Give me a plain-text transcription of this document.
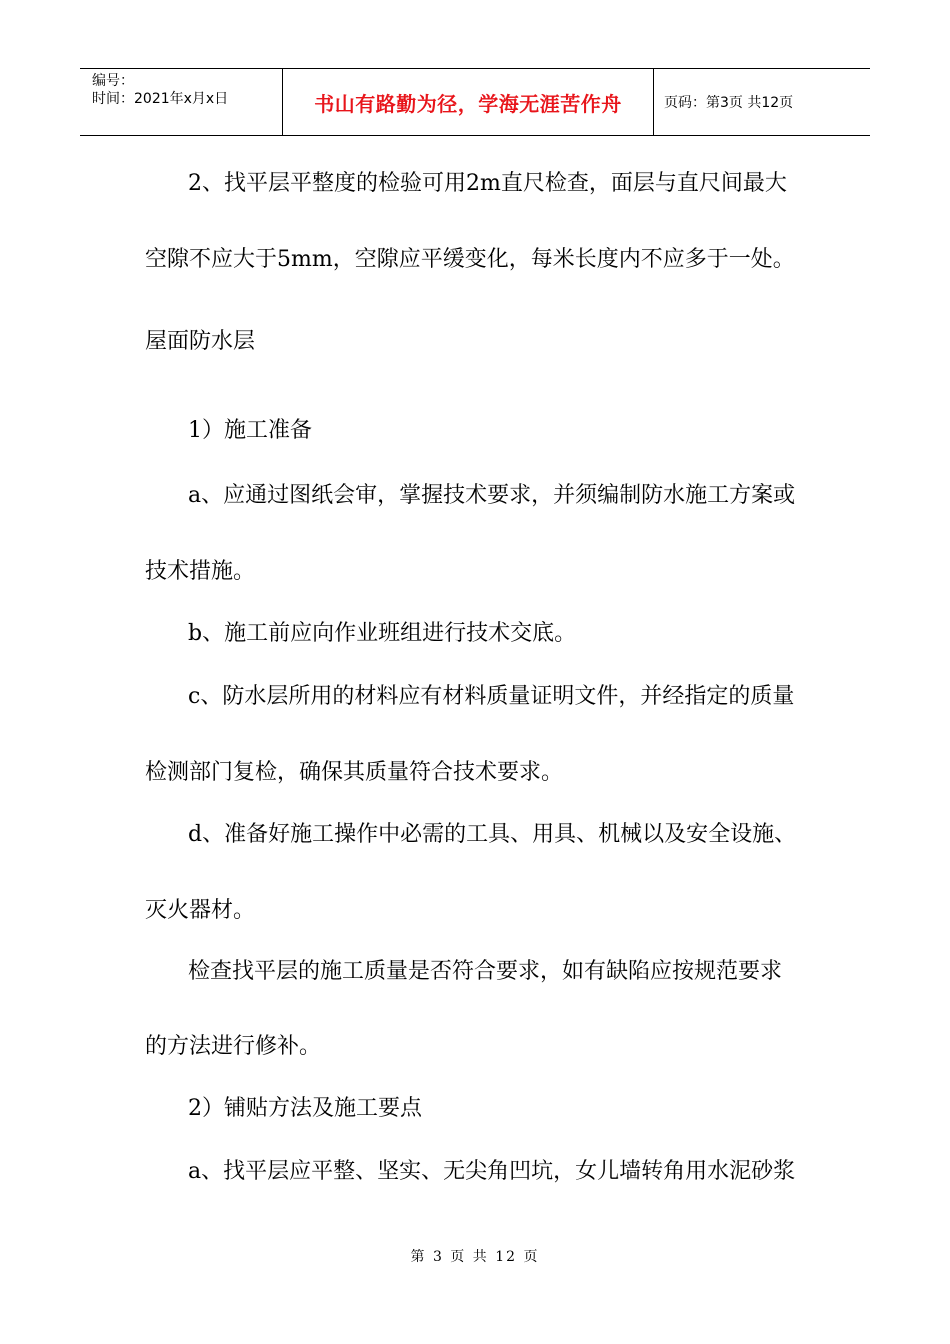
编号：
时间：2021年x月x日	书山有路勤为径，学海无涯苦作舟	页码：第3页 共12页
2、找平层平整度的检验可用2m直尺检查，面层与直尺间最大
空隙不应大于5mm，空隙应平缓变化，每米长度内不应多于一处。
屋面防水层
1）施工准备
a、应通过图纸会审，掌握技术要求，并须编制防水施工方案或
技术措施。
b、施工前应向作业班组进行技术交底。
c、防水层所用的材料应有材料质量证明文件，并经指定的质量
检测部门复检，确保其质量符合技术要求。
d、准备好施工操作中必需的工具、用具、机械以及安全设施、
灭火器材。
检查找平层的施工质量是否符合要求，如有缺陷应按规范要求
的方法进行修补。
2）铺贴方法及施工要点
a、找平层应平整、坚实、无尖角凹坑，女儿墙转角用水泥砂浆
第 3 页 共 12 页
